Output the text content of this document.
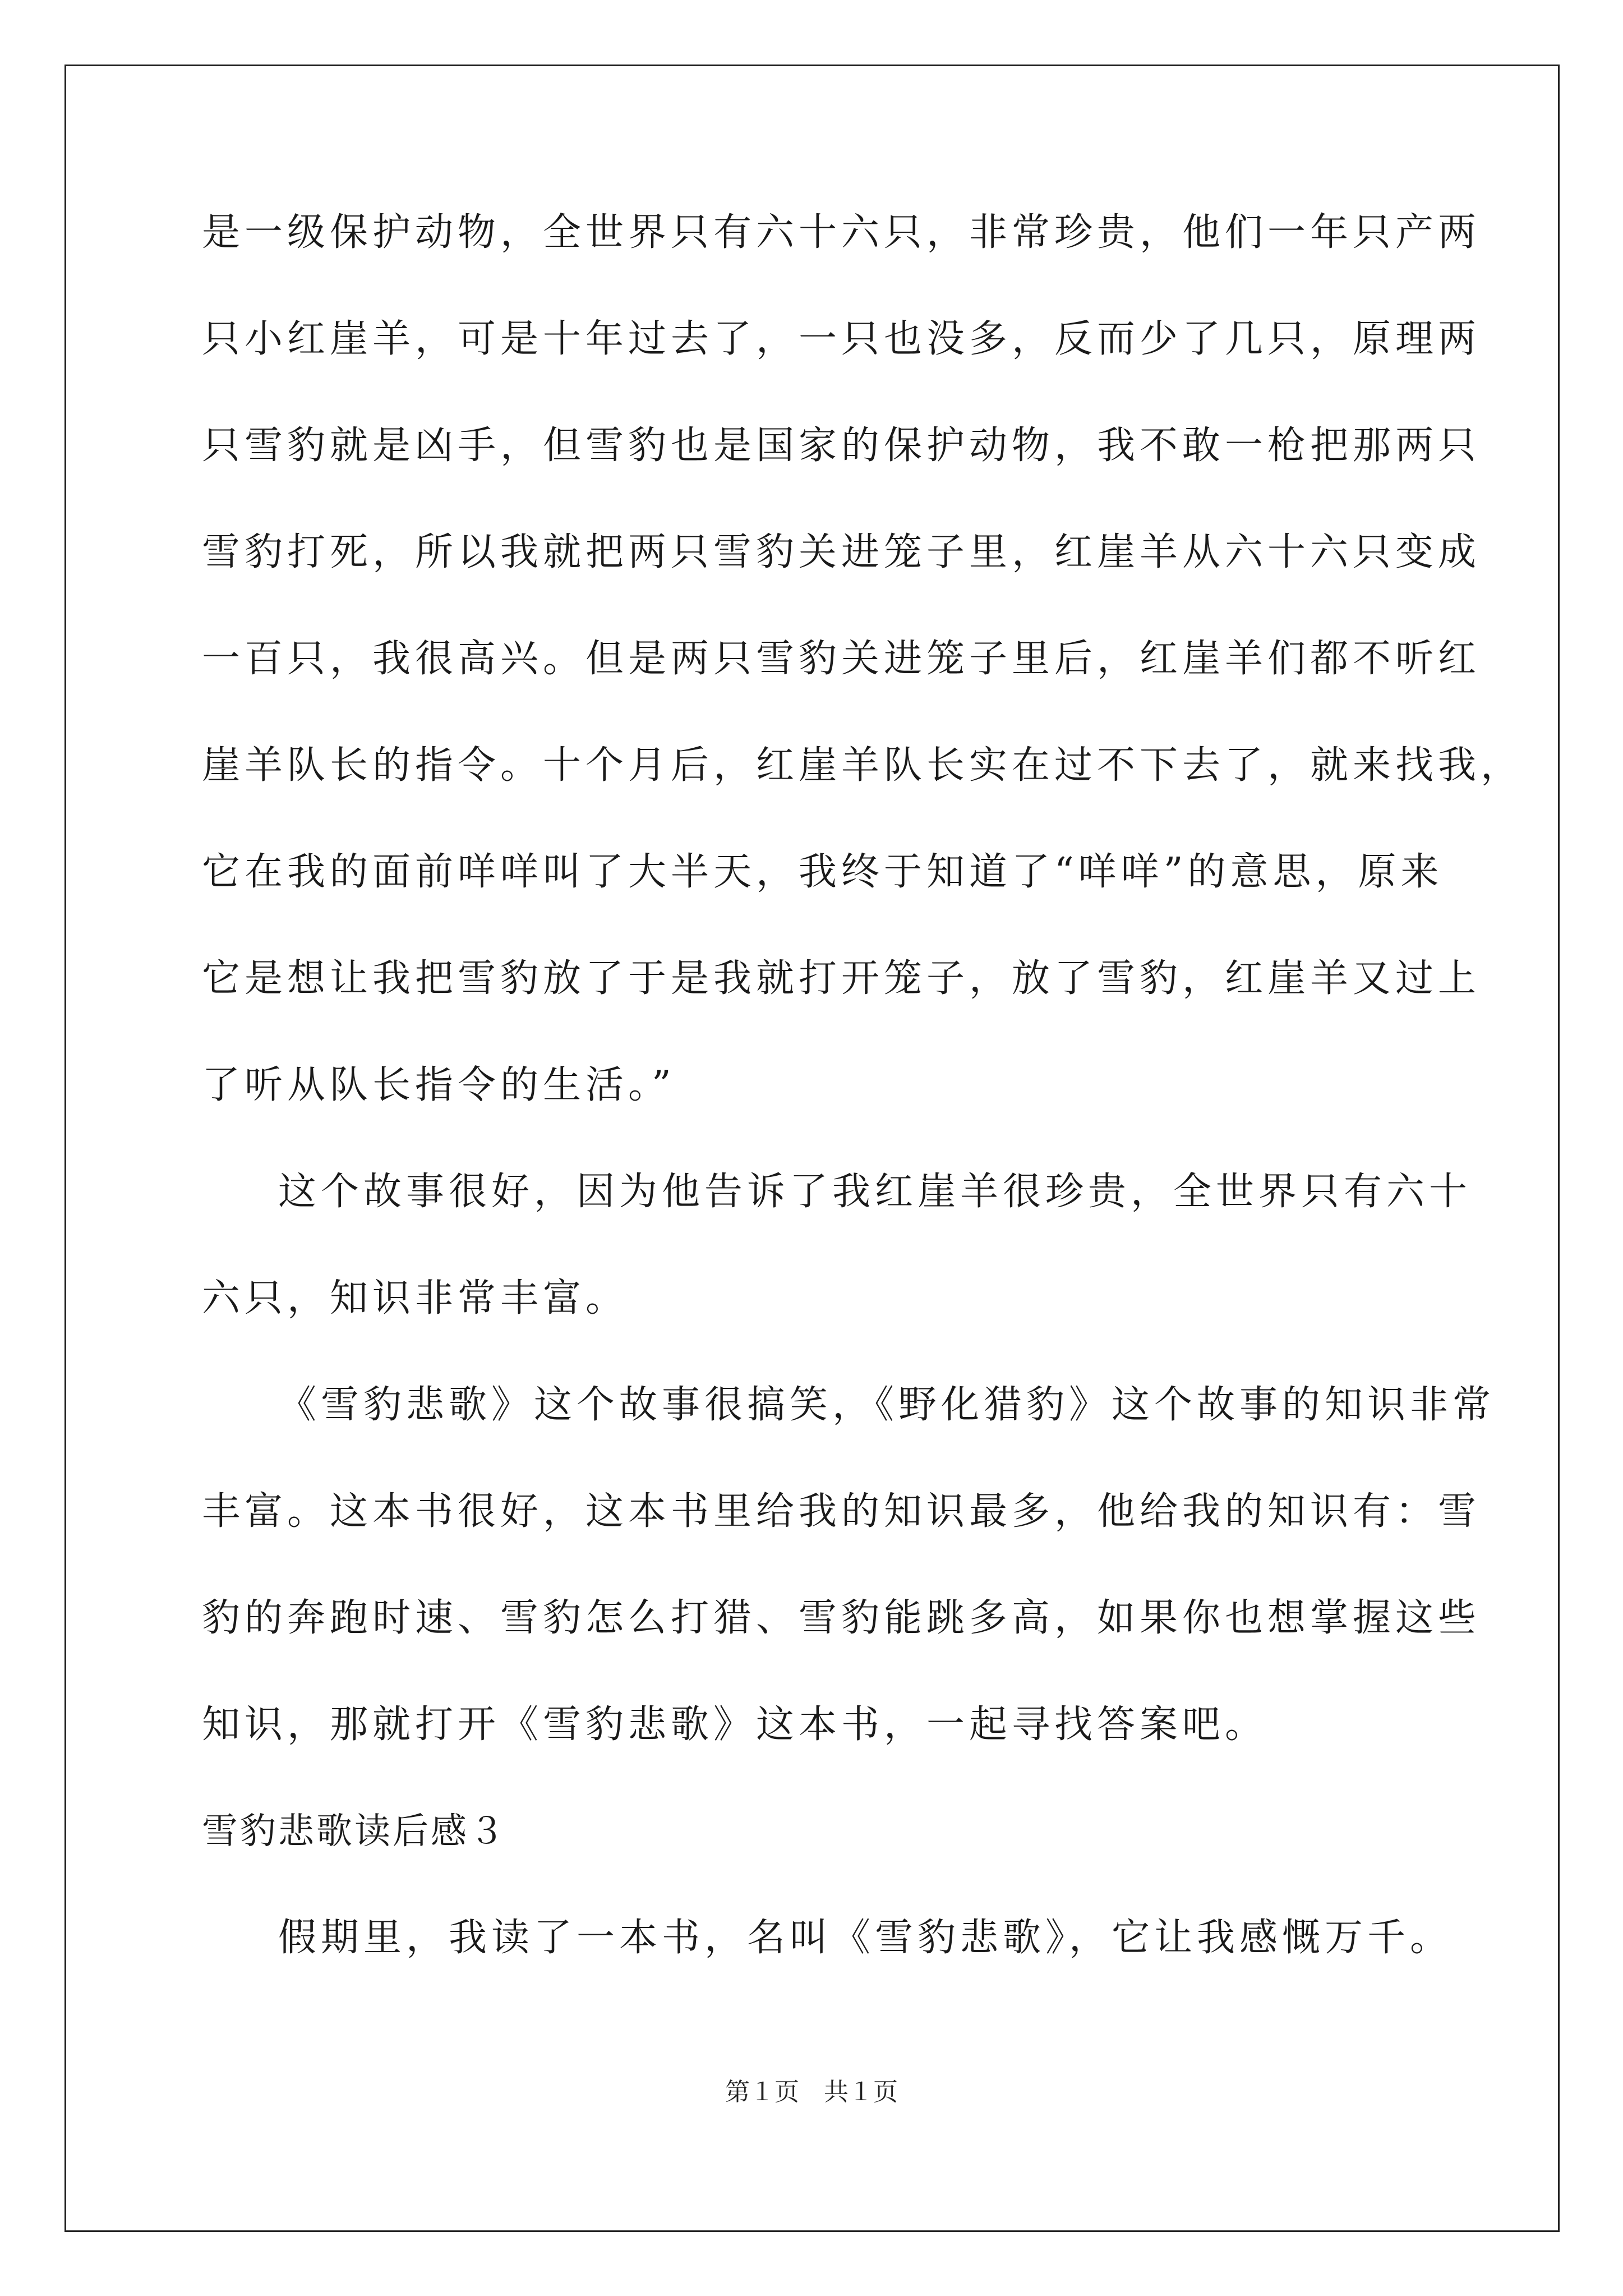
是一级保护动物，全世界只有六十六只，非常珍贵，他们一年只产两
只小红崖羊，可是十年过去了，一只也没多，反而少了几只，原理两
只雪豹就是凶手，但雪豹也是国家的保护动物，我不敢一枪把那两只
雪豹打死，所以我就把两只雪豹关进笼子里，红崖羊从六十六只变成
一百只，我很高兴。但是两只雪豹关进笼子里后，红崖羊们都不听红
崖羊队长的指令。十个月后，红崖羊队长实在过不下去了，就来找我，
它在我的面前咩咩叫了大半天，我终于知道了“咩咩”的意思，原来
它是想让我把雪豹放了于是我就打开笼子，放了雪豹，红崖羊又过上
了听从队长指令的生活。”
这个故事很好，因为他告诉了我红崖羊很珍贵，全世界只有六十
六只，知识非常丰富。
《雪豹悲歌》这个故事很搞笑，《野化猎豹》这个故事的知识非常
丰富。这本书很好，这本书里给我的知识最多，他给我的知识有：雪
豹的奔跑时速、雪豹怎么打猎、雪豹能跳多高，如果你也想掌握这些
知识，那就打开《雪豹悲歌》这本书，一起寻找答案吧。
雪豹悲歌读后感３
假期里，我读了一本书，名叫《雪豹悲歌》，它让我感慨万千。
第１页　共１页
